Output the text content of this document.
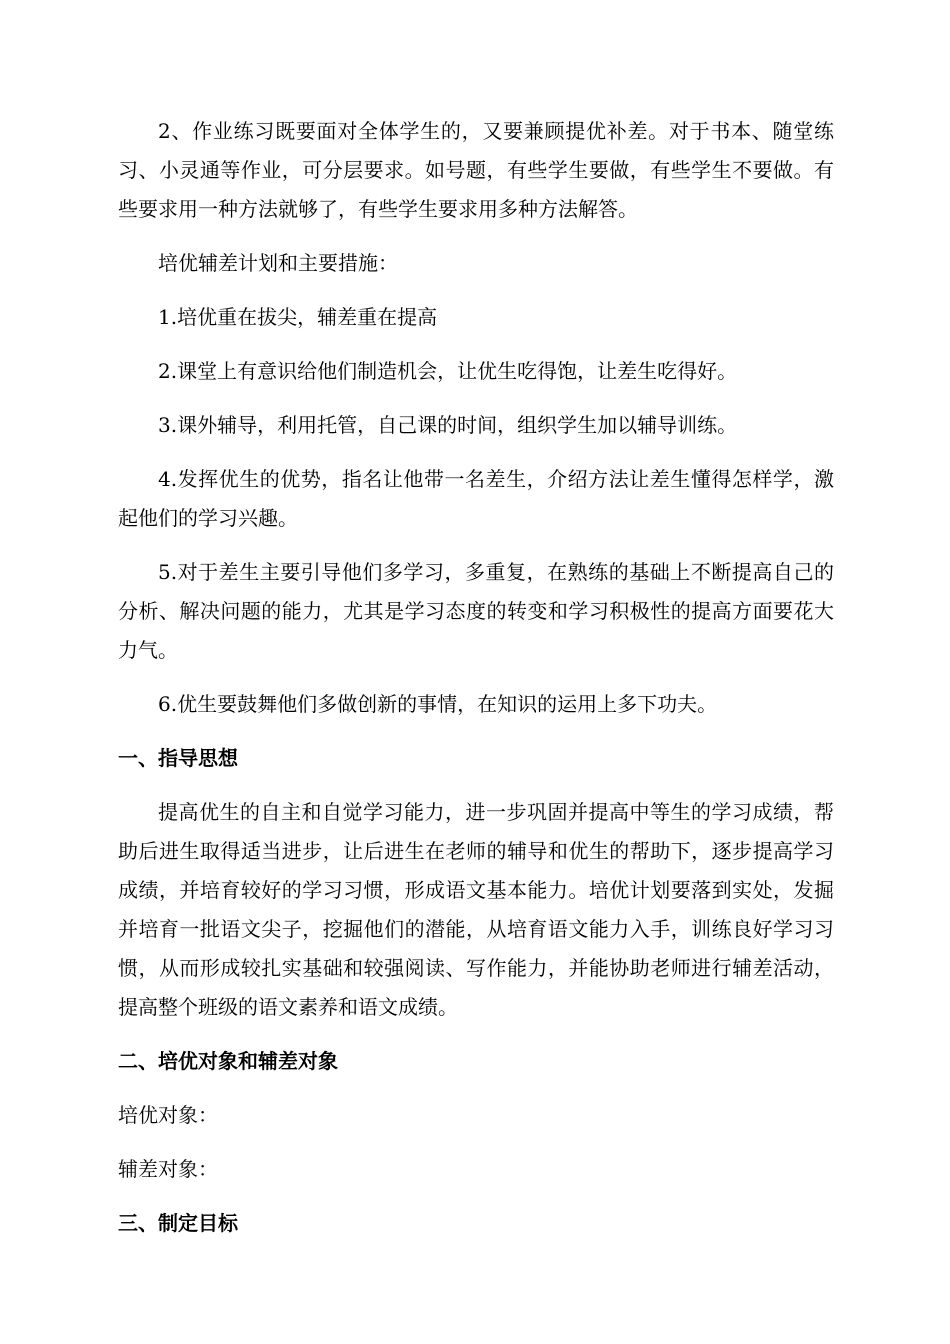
2、作业练习既要面对全体学生的，又要兼顾提优补差。对于书本、随堂练习、小灵通等作业，可分层要求。如号题，有些学生要做，有些学生不要做。有些要求用一种方法就够了，有些学生要求用多种方法解答。

培优辅差计划和主要措施：

1.培优重在拔尖，辅差重在提高

2.课堂上有意识给他们制造机会，让优生吃得饱，让差生吃得好。

3.课外辅导，利用托管，自己课的时间，组织学生加以辅导训练。

4.发挥优生的优势，指名让他带一名差生，介绍方法让差生懂得怎样学，激起他们的学习兴趣。

5.对于差生主要引导他们多学习，多重复，在熟练的基础上不断提高自己的分析、解决问题的能力，尤其是学习态度的转变和学习积极性的提高方面要花大力气。

6.优生要鼓舞他们多做创新的事情，在知识的运用上多下功夫。

一、指导思想

提高优生的自主和自觉学习能力，进一步巩固并提高中等生的学习成绩，帮助后进生取得适当进步，让后进生在老师的辅导和优生的帮助下，逐步提高学习成绩，并培育较好的学习习惯，形成语文基本能力。培优计划要落到实处，发掘并培育一批语文尖子，挖掘他们的潜能，从培育语文能力入手，训练良好学习习惯，从而形成较扎实基础和较强阅读、写作能力，并能协助老师进行辅差活动，提高整个班级的语文素养和语文成绩。

二、培优对象和辅差对象

培优对象：

辅差对象：

三、制定目标
